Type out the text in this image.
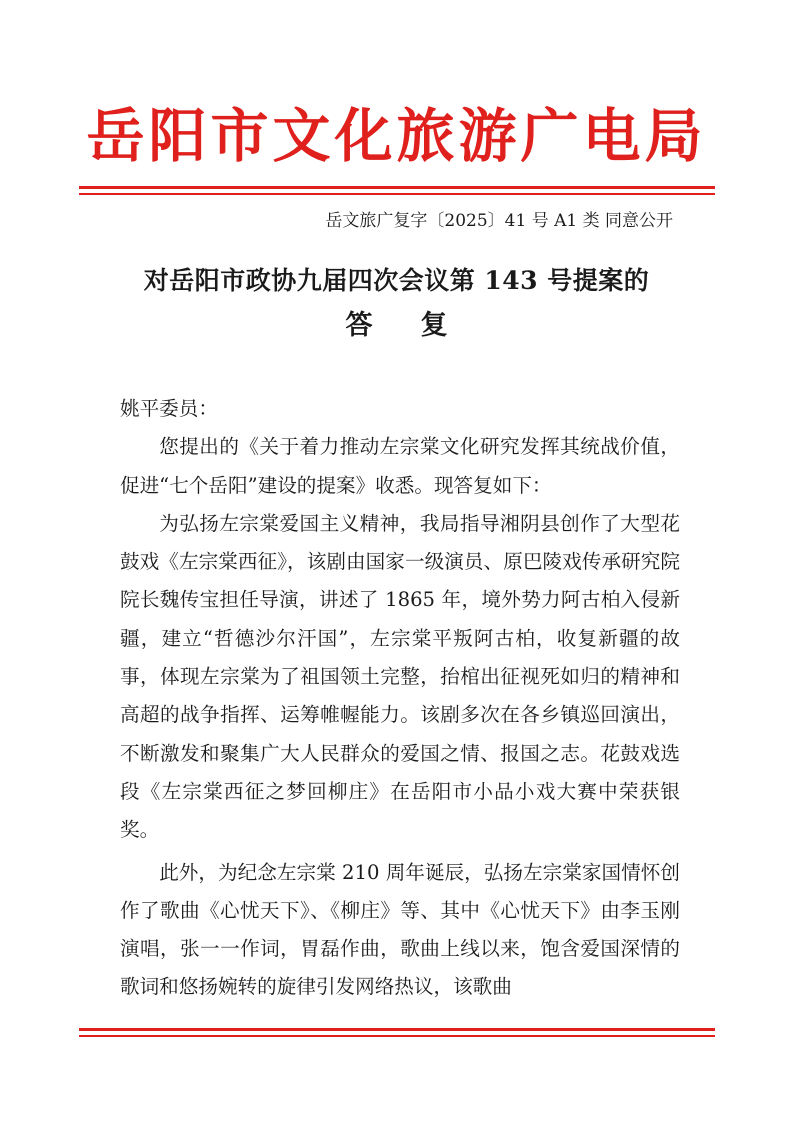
岳阳市文化旅游广电局
岳文旅广复字〔2025〕41 号 A1 类 同意公开
对岳阳市政协九届四次会议第 143 号提案的
答复

姚平委员：

您提出的《关于着力推动左宗棠文化研究发挥其统战价值，促进“七个岳阳”建设的提案》收悉。现答复如下：

为弘扬左宗棠爱国主义精神，我局指导湘阴县创作了大型花鼓戏《左宗棠西征》，该剧由国家一级演员、原巴陵戏传承研究院院长魏传宝担任导演，讲述了 1865 年，境外势力阿古柏入侵新疆，建立“哲德沙尔汗国”，左宗棠平叛阿古柏，收复新疆的故事，体现左宗棠为了祖国领土完整，抬棺出征视死如归的精神和高超的战争指挥、运筹帷幄能力。该剧多次在各乡镇巡回演出，不断激发和聚集广大人民群众的爱国之情、报国之志。花鼓戏选段《左宗棠西征之梦回柳庄》在岳阳市小品小戏大赛中荣获银奖。

此外，为纪念左宗棠 210 周年诞辰，弘扬左宗棠家国情怀创作了歌曲《心忧天下》、《柳庄》等、其中《心忧天下》由李玉刚演唱，张一一作词，胃磊作曲，歌曲上线以来，饱含爱国深情的歌词和悠扬婉转的旋律引发网络热议，该歌曲
